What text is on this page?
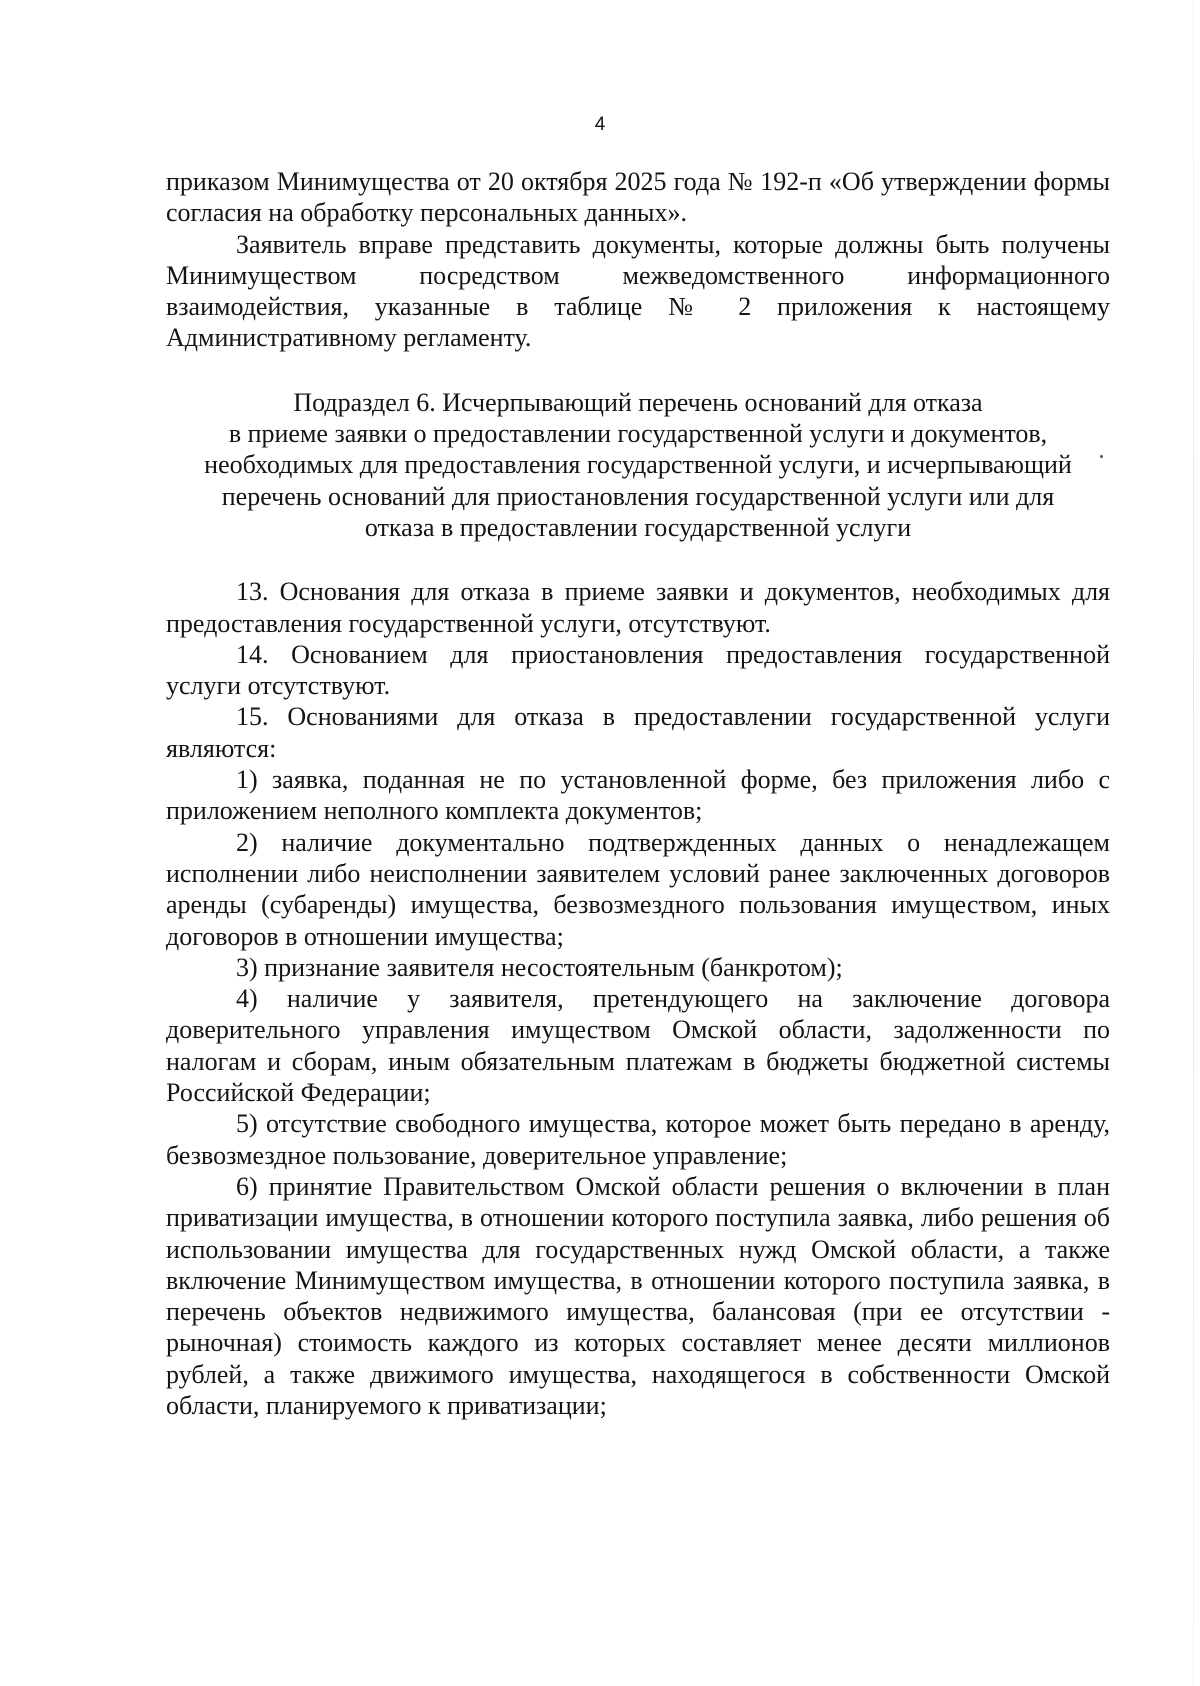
4

приказом Минимущества от 20 октября 2025 года № 192-п «Об утверждении формы согласия на обработку персональных данных».

Заявитель вправе представить документы, которые должны быть получены Минимуществом посредством межведомственного информационного взаимодействия, указанные в таблице № 2 приложения к настоящему Административному регламенту.

Подраздел 6. Исчерпывающий перечень оснований для отказа

в приеме заявки о предоставлении государственной услуги и документов,

необходимых для предоставления государственной услуги, и исчерпывающий

перечень оснований для приостановления государственной услуги или для

отказа в предоставлении государственной услуги

13. Основания для отказа в приеме заявки и документов, необходимых для предоставления государственной услуги, отсутствуют.

14. Основанием для приостановления предоставления государственной услуги отсутствуют.

15. Основаниями для отказа в предоставлении государственной услуги являются:

1) заявка, поданная не по установленной форме, без приложения либо с приложением неполного комплекта документов;

2) наличие документально подтвержденных данных о ненадлежащем исполнении либо неисполнении заявителем условий ранее заключенных договоров аренды (субаренды) имущества, безвозмездного пользования имуществом, иных договоров в отношении имущества;

3) признание заявителя несостоятельным (банкротом);

4) наличие у заявителя, претендующего на заключение договора доверительного управления имуществом Омской области, задолженности по налогам и сборам, иным обязательным платежам в бюджеты бюджетной системы Российской Федерации;

5) отсутствие свободного имущества, которое может быть передано в аренду, безвозмездное пользование, доверительное управление;

6) принятие Правительством Омской области решения о включении в план приватизации имущества, в отношении которого поступила заявка, либо решения об использовании имущества для государственных нужд Омской области, а также включение Минимуществом имущества, в отношении которого поступила заявка, в перечень объектов недвижимого имущества, балансовая (при ее отсутствии - рыночная) стоимость каждого из которых составляет менее десяти миллионов рублей, а также движимого имущества, находящегося в собственности Омской области, планируемого к приватизации;
